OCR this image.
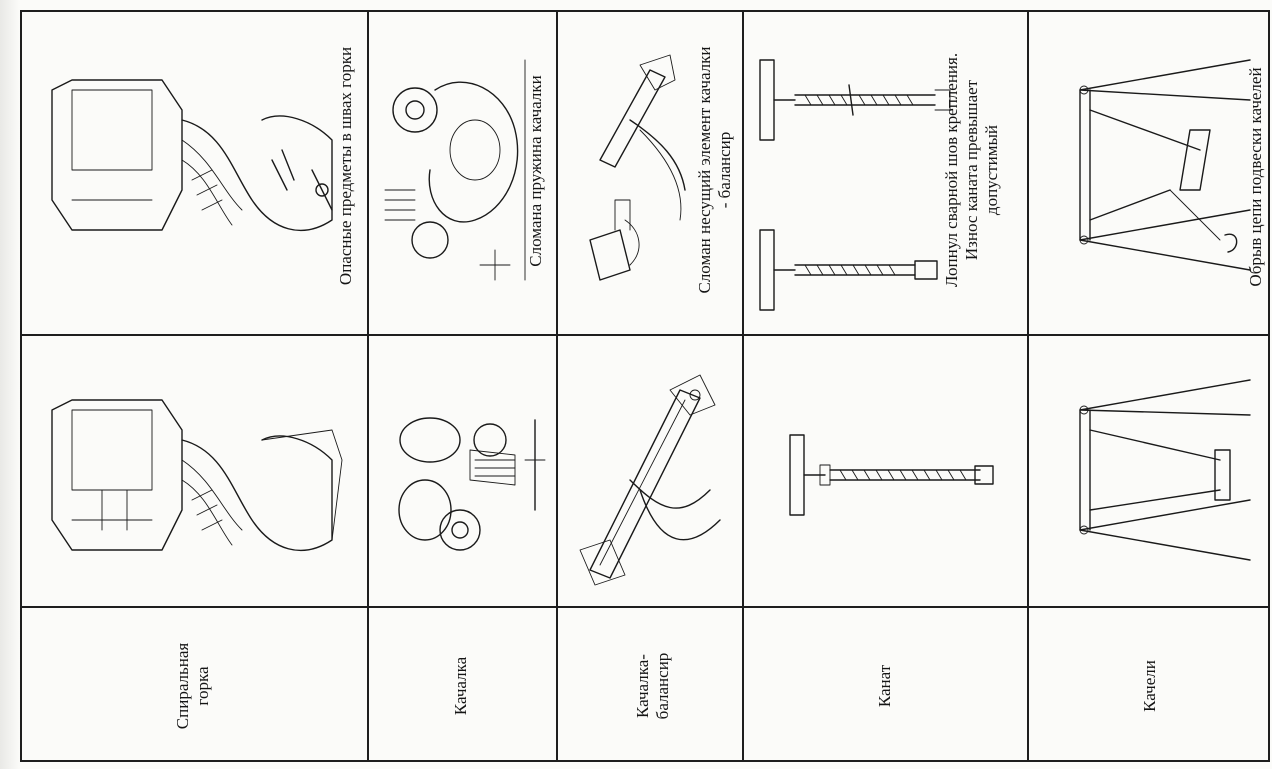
Спиральная горка
Опасные предметы в швах горки
Качалка
Сломана пружина качалки
Качалка- балансир
Сломан несущий элемент качалки - балансир
Канат
Лопнул сварной шов крепления. Износ каната превышает допустимый
Качели
Обрыв цепи подвески качелей
